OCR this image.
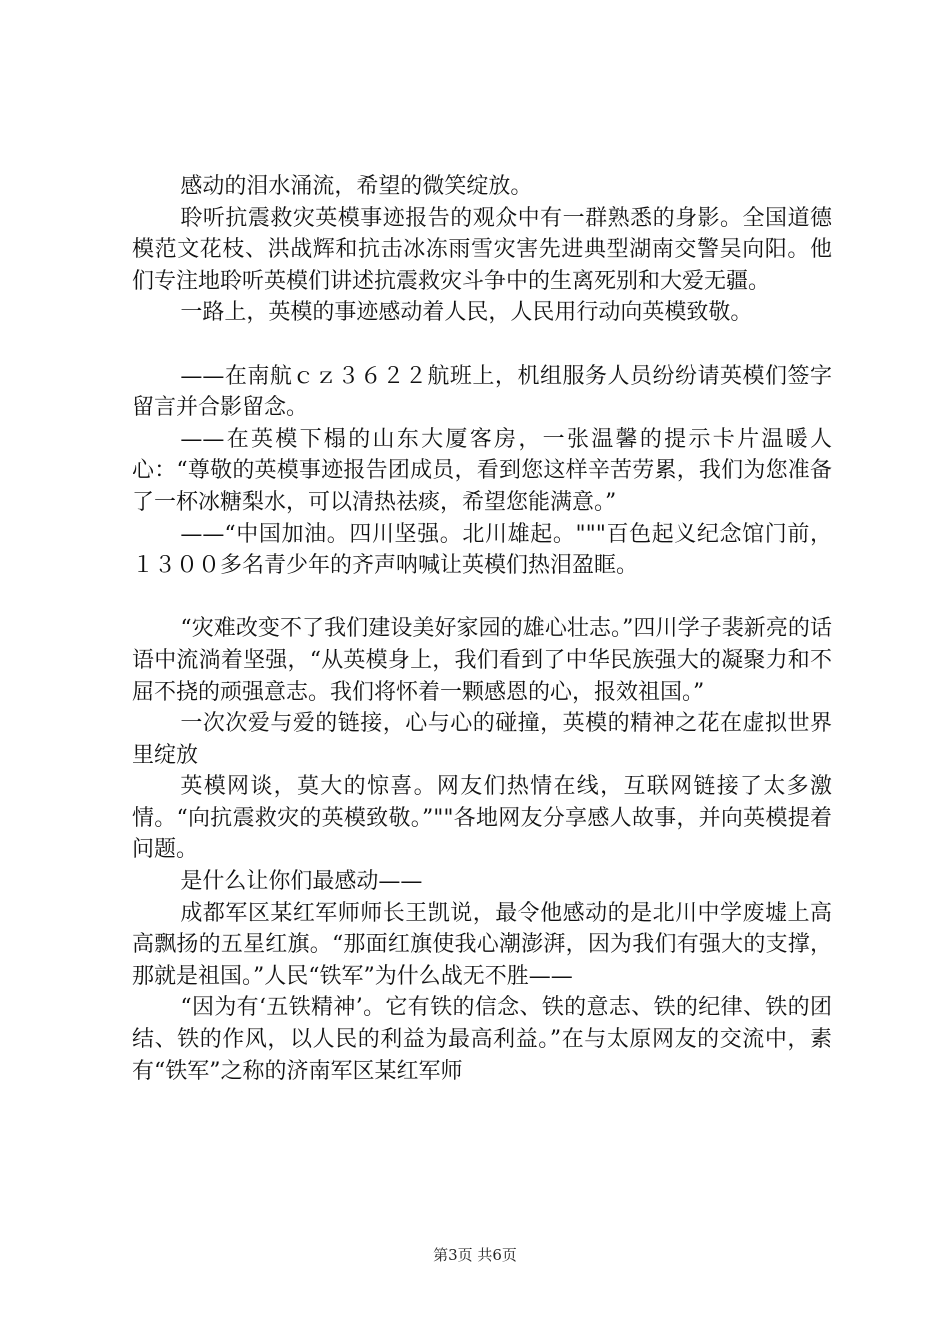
感动的泪水涌流，希望的微笑绽放。

聆听抗震救灾英模事迹报告的观众中有一群熟悉的身影。全国道德模范文花枝、洪战辉和抗击冰冻雨雪灾害先进典型湖南交警吴向阳。他们专注地聆听英模们讲述抗震救灾斗争中的生离死别和大爱无疆。

一路上，英模的事迹感动着人民，人民用行动向英模致敬。

——在南航ｃｚ３６２２航班上，机组服务人员纷纷请英模们签字留言并合影留念。

——在英模下榻的山东大厦客房，一张温馨的提示卡片温暖人心：“尊敬的英模事迹报告团成员，看到您这样辛苦劳累，我们为您准备了一杯冰糖梨水，可以清热祛痰，希望您能满意。”

——“中国加油。四川坚强。北川雄起。"""百色起义纪念馆门前，１３００多名青少年的齐声呐喊让英模们热泪盈眶。

“灾难改变不了我们建设美好家园的雄心壮志。”四川学子裴新亮的话语中流淌着坚强，“从英模身上，我们看到了中华民族强大的凝聚力和不屈不挠的顽强意志。我们将怀着一颗感恩的心，报效祖国。”

一次次爱与爱的链接，心与心的碰撞，英模的精神之花在虚拟世界里绽放

英模网谈，莫大的惊喜。网友们热情在线，互联网链接了太多激情。“向抗震救灾的英模致敬。”""各地网友分享感人故事，并向英模提着问题。

是什么让你们最感动——

成都军区某红军师师长王凯说，最令他感动的是北川中学废墟上高高飘扬的五星红旗。“那面红旗使我心潮澎湃，因为我们有强大的支撑，那就是祖国。”人民“铁军”为什么战无不胜——

“因为有‘五铁精神’。它有铁的信念、铁的意志、铁的纪律、铁的团结、铁的作风，以人民的利益为最高利益。”在与太原网友的交流中，素有“铁军”之称的济南军区某红军师

第3页 共6页
